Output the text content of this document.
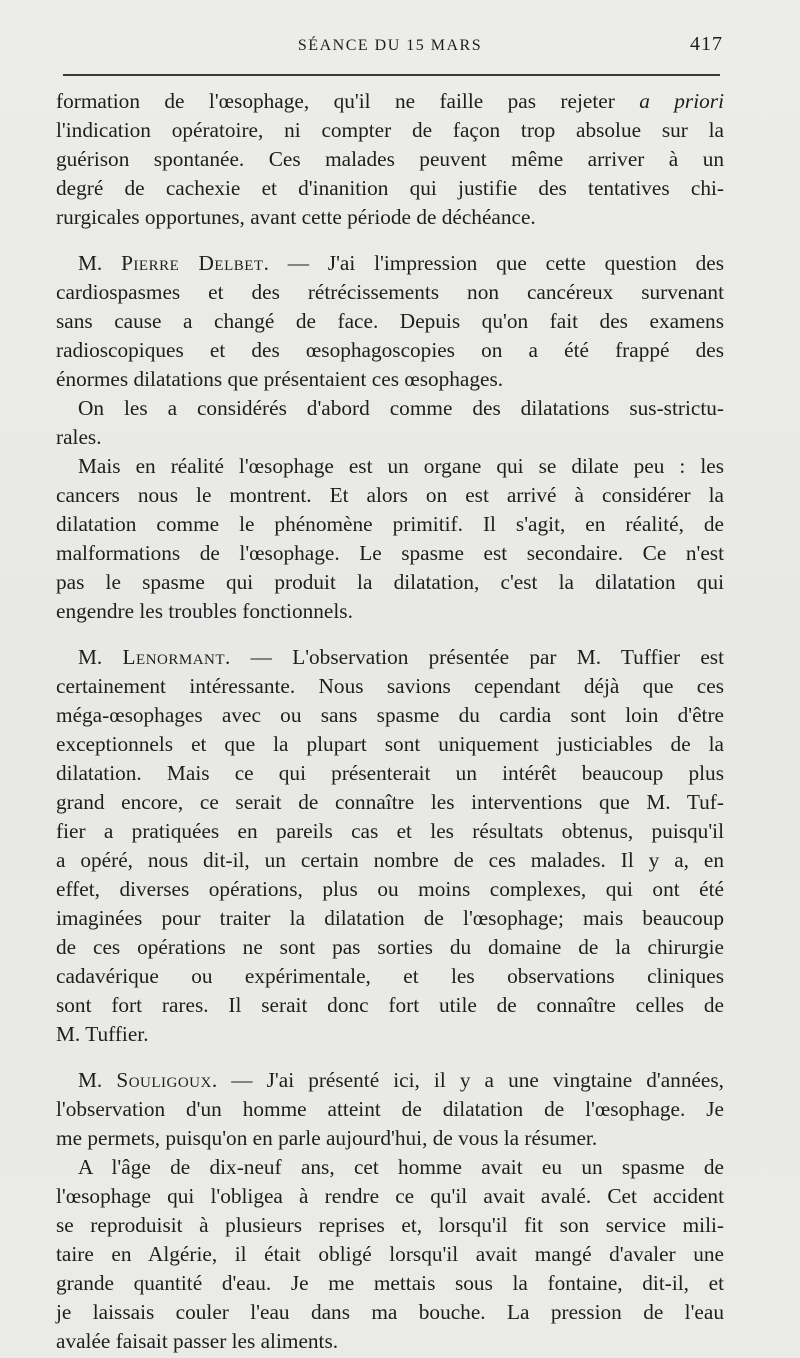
SÉANCE DU 15 MARS	417
formation de l'œsophage, qu'il ne faille pas rejeter a priori
l'indication opératoire, ni compter de façon trop absolue sur la
guérison spontanée. Ces malades peuvent même arriver à un
degré de cachexie et d'inanition qui justifie des tentatives chi-
rurgicales opportunes, avant cette période de déchéance.
M. Pierre Delbet. — J'ai l'impression que cette question des
cardiospasmes et des rétrécissements non cancéreux survenant
sans cause a changé de face. Depuis qu'on fait des examens
radioscopiques et des œsophagoscopies on a été frappé des
énormes dilatations que présentaient ces œsophages.
On les a considérés d'abord comme des dilatations sus-strictu-
rales.
Mais en réalité l'œsophage est un organe qui se dilate peu : les
cancers nous le montrent. Et alors on est arrivé à considérer la
dilatation comme le phénomène primitif. Il s'agit, en réalité, de
malformations de l'œsophage. Le spasme est secondaire. Ce n'est
pas le spasme qui produit la dilatation, c'est la dilatation qui
engendre les troubles fonctionnels.
M. Lenormant. — L'observation présentée par M. Tuffier est
certainement intéressante. Nous savions cependant déjà que ces
méga-œsophages avec ou sans spasme du cardia sont loin d'être
exceptionnels et que la plupart sont uniquement justiciables de la
dilatation. Mais ce qui présenterait un intérêt beaucoup plus
grand encore, ce serait de connaître les interventions que M. Tuf-
fier a pratiquées en pareils cas et les résultats obtenus, puisqu'il
a opéré, nous dit-il, un certain nombre de ces malades. Il y a, en
effet, diverses opérations, plus ou moins complexes, qui ont été
imaginées pour traiter la dilatation de l'œsophage; mais beaucoup
de ces opérations ne sont pas sorties du domaine de la chirurgie
cadavérique ou expérimentale, et les observations cliniques
sont fort rares. Il serait donc fort utile de connaître celles de
M. Tuffier.
M. Souligoux. — J'ai présenté ici, il y a une vingtaine d'années,
l'observation d'un homme atteint de dilatation de l'œsophage. Je
me permets, puisqu'on en parle aujourd'hui, de vous la résumer.
A l'âge de dix-neuf ans, cet homme avait eu un spasme de
l'œsophage qui l'obligea à rendre ce qu'il avait avalé. Cet accident
se reproduisit à plusieurs reprises et, lorsqu'il fit son service mili-
taire en Algérie, il était obligé lorsqu'il avait mangé d'avaler une
grande quantité d'eau. Je me mettais sous la fontaine, dit-il, et
je laissais couler l'eau dans ma bouche. La pression de l'eau
avalée faisait passer les aliments.
